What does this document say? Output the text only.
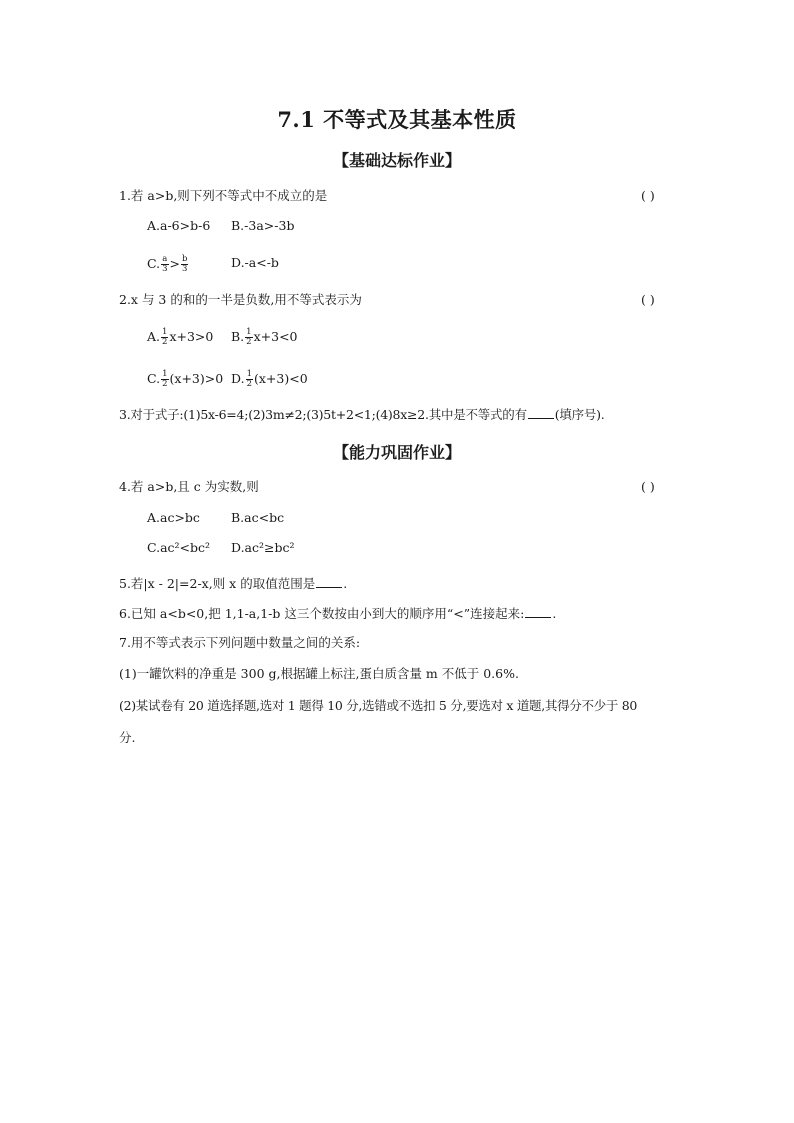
7.1 不等式及其基本性质
【基础达标作业】
1.若 a>b,则下列不等式中不成立的是	( )
A.a-6>b-6 B.-3a>-3b
C. $\frac{a}{3} > \frac{b}{3}$	D.-a<-b
2.x 与 3 的和的一半是负数,用不等式表示为	( )
A. $\frac{1}{2} x+3>0$ B. $\frac{1}{2} x+3<0$
C. $\frac{1}{2} (x+3)>0$ D. $\frac{1}{2} (x+3)<0$
3.对于式子:(1)5x-6=4;(2)3m≠2;(3)5t+2<1;(4)8x≥2.其中是不等式的有 (填序号).
【能力巩固作业】
4.若 a>b,且 c 为实数,则	( )
A.ac>bc B.ac<bc
C.ac²<bc² D.ac²≥bc²
5.若|x - 2|=2-x,则 x 的取值范围是 .
6.已知 a<b<0,把 1,1-a,1-b 这三个数按由小到大的顺序用“<”连接起来: .
7.用不等式表示下列问题中数量之间的关系:
(1)一罐饮料的净重是 300 g,根据罐上标注,蛋白质含量 m 不低于 0.6%.
(2)某试卷有 20 道选择题,选对 1 题得 10 分,选错或不选扣 5 分,要选对 x 道题,其得分不少于 80
分.
